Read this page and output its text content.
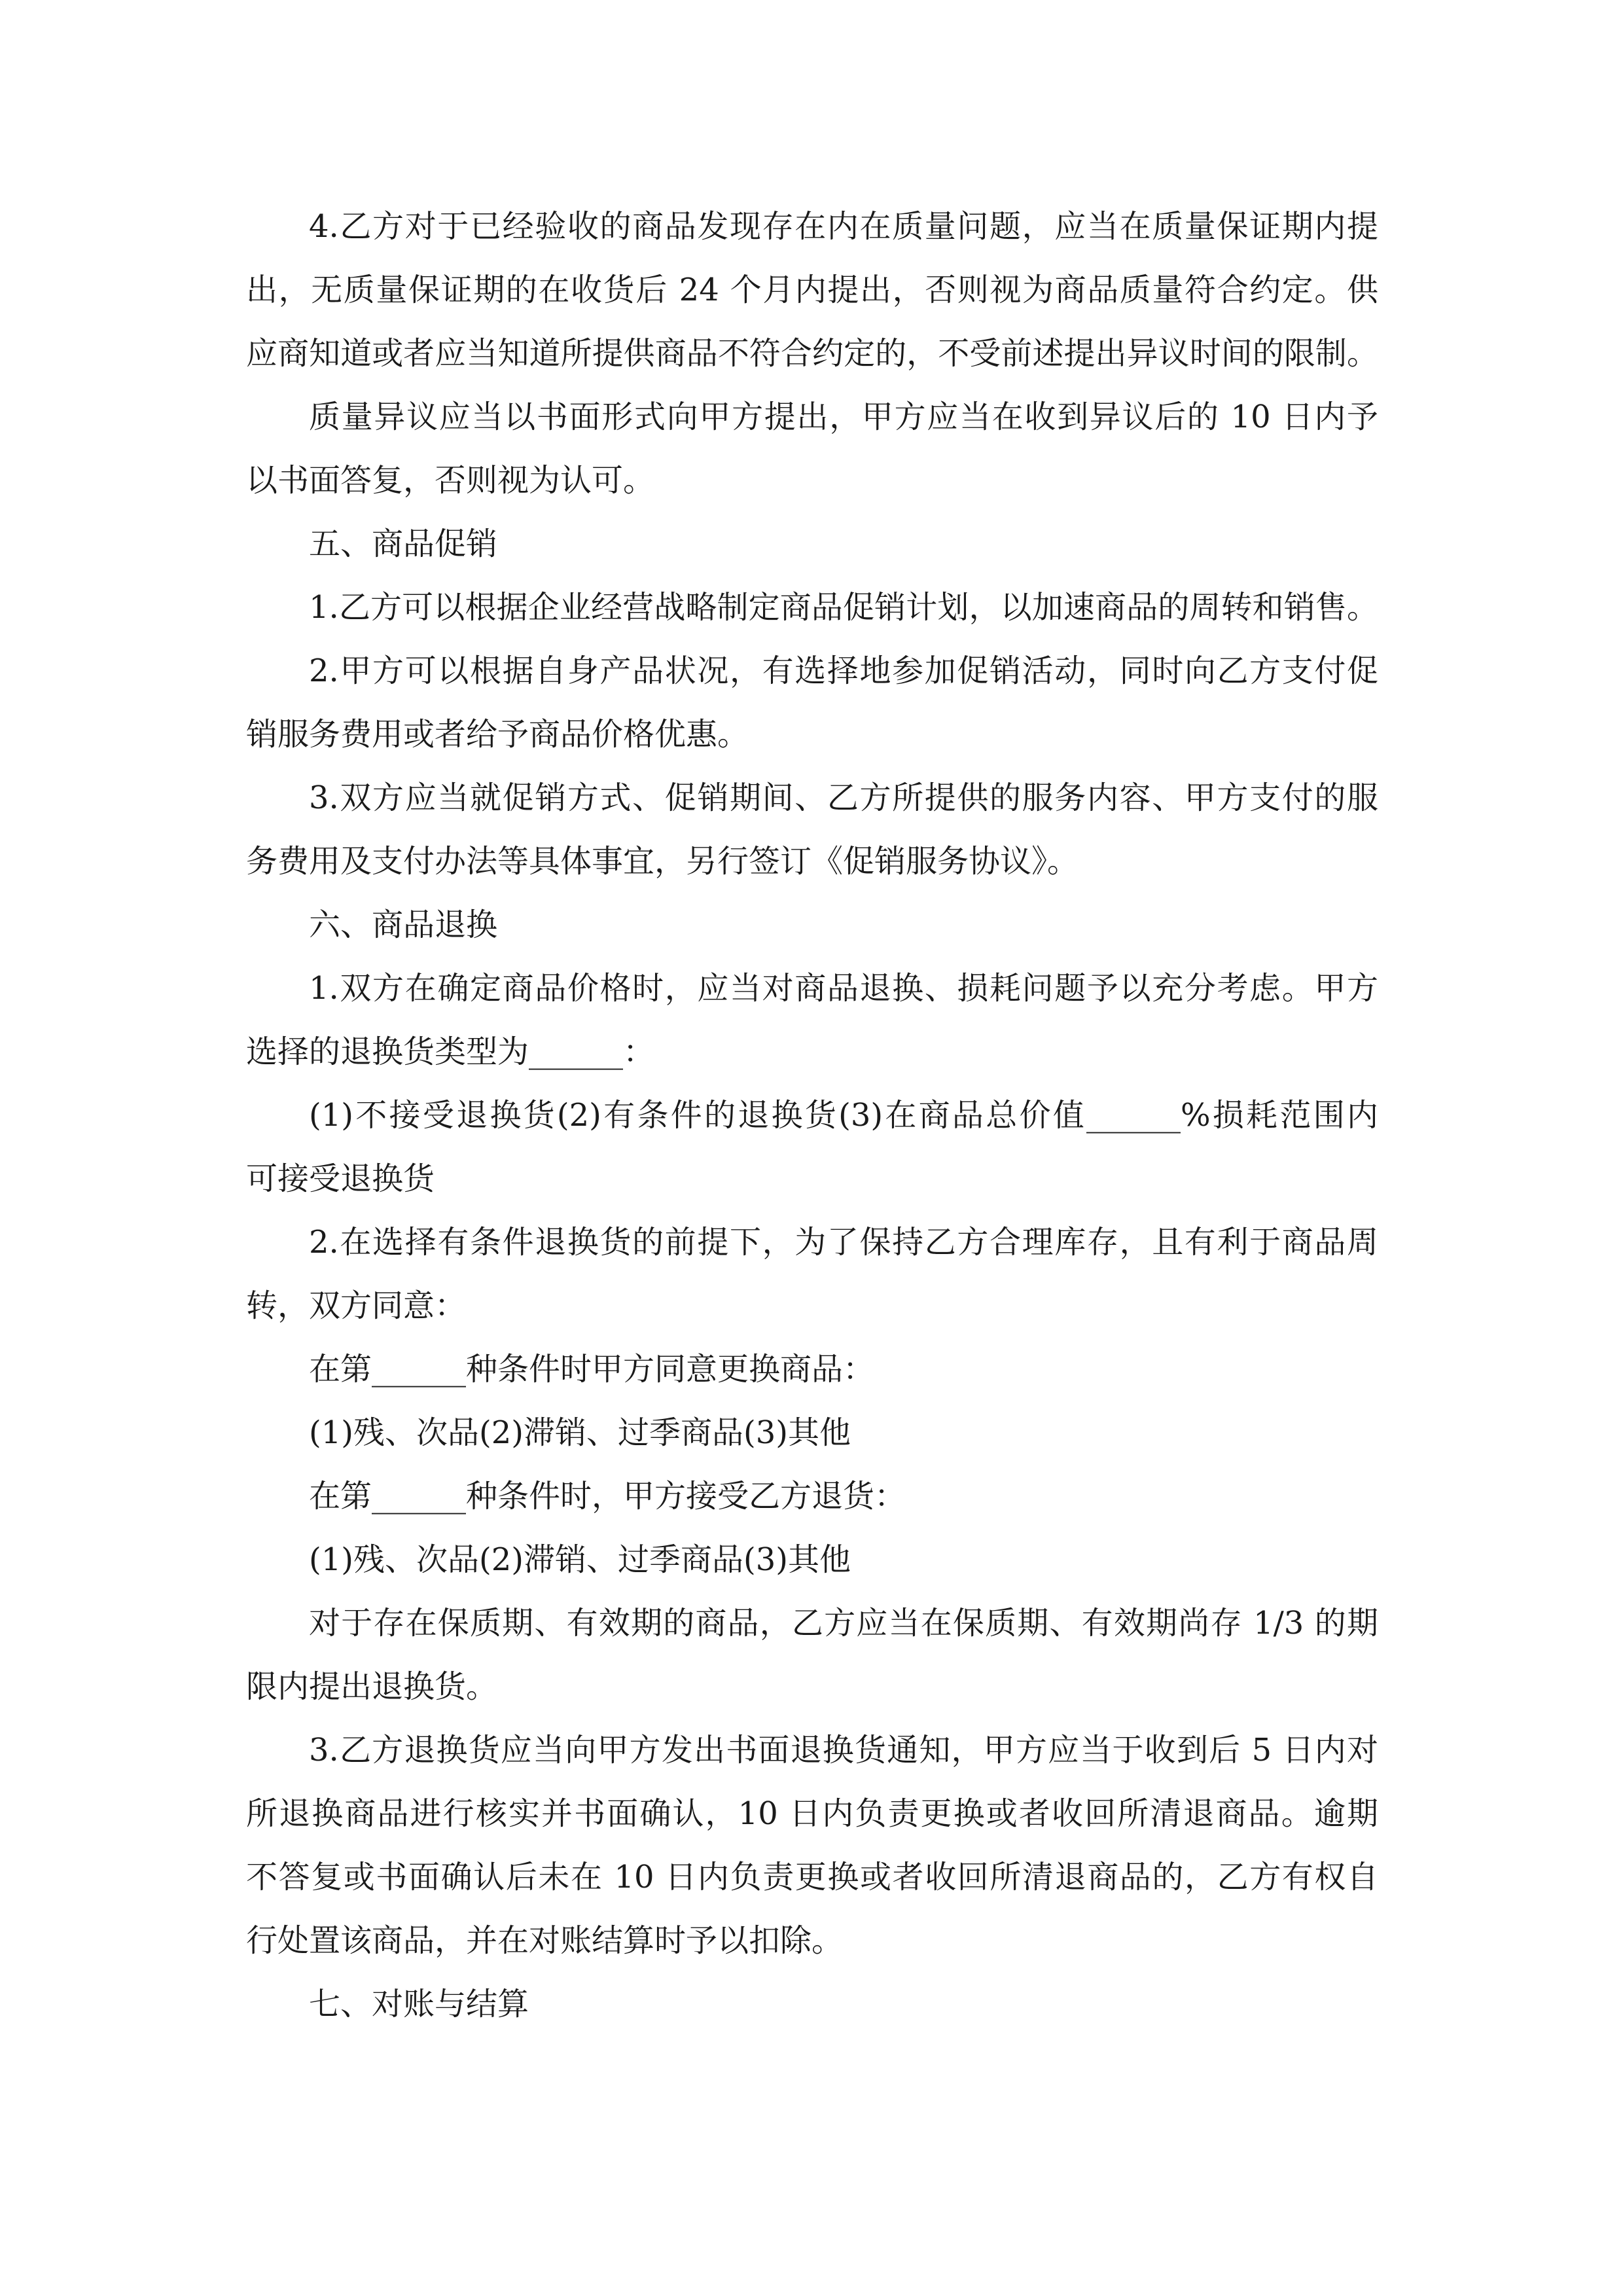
4.乙方对于已经验收的商品发现存在内在质量问题，应当在质量保证期内提
出，无质量保证期的在收货后 24 个月内提出，否则视为商品质量符合约定。供
应商知道或者应当知道所提供商品不符合约定的，不受前述提出异议时间的限制。
质量异议应当以书面形式向甲方提出，甲方应当在收到异议后的 10 日内予
以书面答复，否则视为认可。
五、商品促销
1.乙方可以根据企业经营战略制定商品促销计划，以加速商品的周转和销售。
2.甲方可以根据自身产品状况，有选择地参加促销活动，同时向乙方支付促
销服务费用或者给予商品价格优惠。
3.双方应当就促销方式、促销期间、乙方所提供的服务内容、甲方支付的服
务费用及支付办法等具体事宜，另行签订《促销服务协议》。
六、商品退换
1.双方在确定商品价格时，应当对商品退换、损耗问题予以充分考虑。甲方
选择的退换货类型为______：
(1)不接受退换货(2)有条件的退换货(3)在商品总价值______%损耗范围内
可接受退换货
2.在选择有条件退换货的前提下，为了保持乙方合理库存，且有利于商品周
转，双方同意：
在第______种条件时甲方同意更换商品：
(1)残、次品(2)滞销、过季商品(3)其他
在第______种条件时，甲方接受乙方退货：
(1)残、次品(2)滞销、过季商品(3)其他
对于存在保质期、有效期的商品，乙方应当在保质期、有效期尚存 1/3 的期
限内提出退换货。
3.乙方退换货应当向甲方发出书面退换货通知，甲方应当于收到后 5 日内对
所退换商品进行核实并书面确认，10 日内负责更换或者收回所清退商品。逾期
不答复或书面确认后未在 10 日内负责更换或者收回所清退商品的，乙方有权自
行处置该商品，并在对账结算时予以扣除。
七、对账与结算
